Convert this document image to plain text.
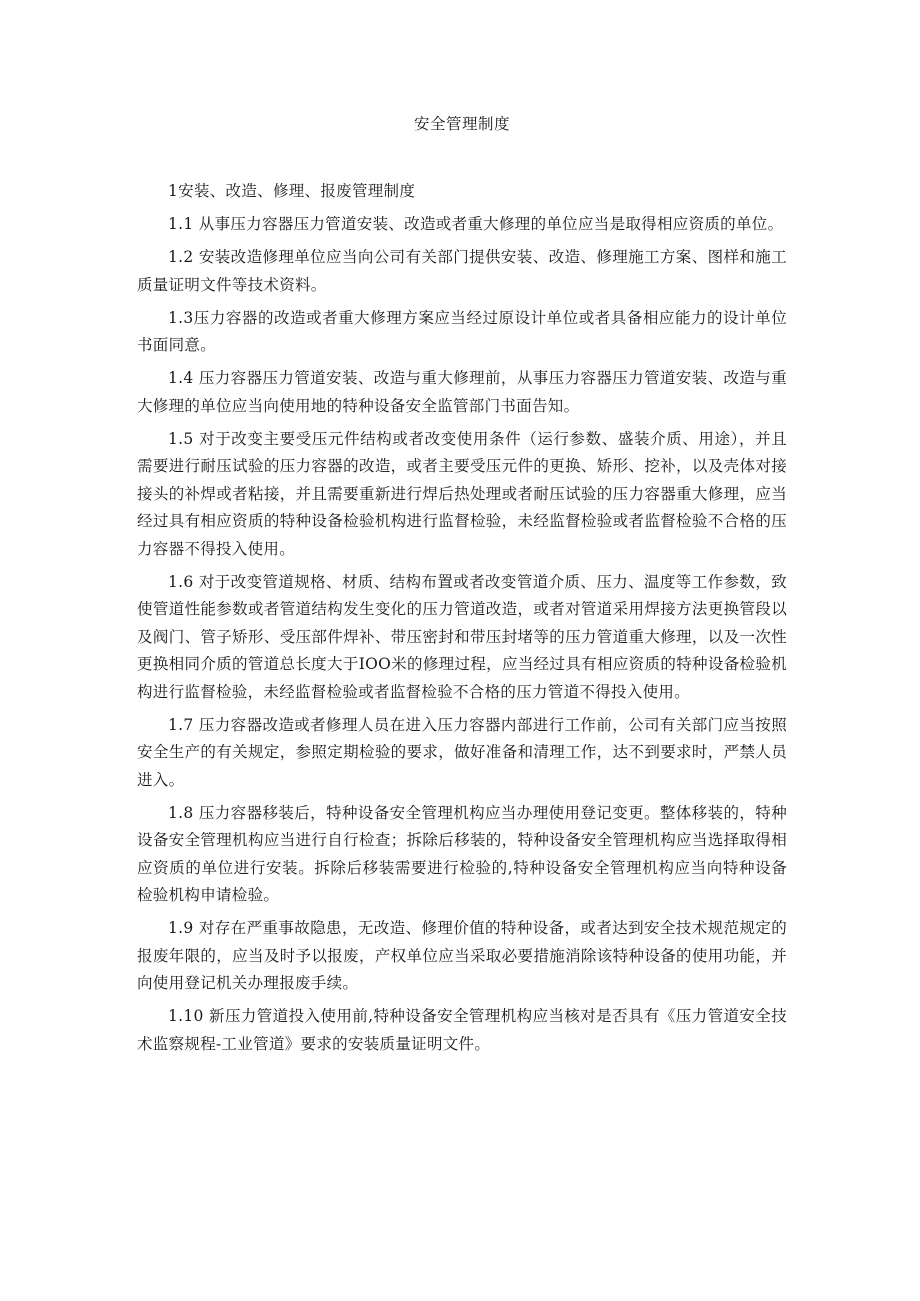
安全管理制度

1安装、改造、修理、报废管理制度

1.1 从事压力容器压力管道安装、改造或者重大修理的单位应当是取得相应资质的单位。

1.2 安装改造修理单位应当向公司有关部门提供安装、改造、修理施工方案、图样和施工质量证明文件等技术资料。

1.3压力容器的改造或者重大修理方案应当经过原设计单位或者具备相应能力的设计单位书面同意。

1.4 压力容器压力管道安装、改造与重大修理前，从事压力容器压力管道安装、改造与重大修理的单位应当向使用地的特种设备安全监管部门书面告知。

1.5 对于改变主要受压元件结构或者改变使用条件（运行参数、盛装介质、用途），并且需要进行耐压试验的压力容器的改造，或者主要受压元件的更换、矫形、挖补，以及壳体对接接头的补焊或者粘接，并且需要重新进行焊后热处理或者耐压试验的压力容器重大修理，应当经过具有相应资质的特种设备检验机构进行监督检验，未经监督检验或者监督检验不合格的压力容器不得投入使用。

1.6 对于改变管道规格、材质、结构布置或者改变管道介质、压力、温度等工作参数，致使管道性能参数或者管道结构发生变化的压力管道改造，或者对管道采用焊接方法更换管段以及阀门、管子矫形、受压部件焊补、带压密封和带压封堵等的压力管道重大修理，以及一次性更换相同介质的管道总长度大于IOO米的修理过程，应当经过具有相应资质的特种设备检验机构进行监督检验，未经监督检验或者监督检验不合格的压力管道不得投入使用。

1.7 压力容器改造或者修理人员在进入压力容器内部进行工作前，公司有关部门应当按照安全生产的有关规定，参照定期检验的要求，做好准备和清理工作，达不到要求时，严禁人员进入。

1.8 压力容器移装后，特种设备安全管理机构应当办理使用登记变更。整体移装的，特种设备安全管理机构应当进行自行检查；拆除后移装的，特种设备安全管理机构应当选择取得相应资质的单位进行安装。拆除后移装需要进行检验的,特种设备安全管理机构应当向特种设备检验机构申请检验。

1.9 对存在严重事故隐患，无改造、修理价值的特种设备，或者达到安全技术规范规定的报废年限的，应当及时予以报废，产权单位应当采取必要措施消除该特种设备的使用功能，并向使用登记机关办理报废手续。

1.10 新压力管道投入使用前,特种设备安全管理机构应当核对是否具有《压力管道安全技术监察规程-工业管道》要求的安装质量证明文件。
